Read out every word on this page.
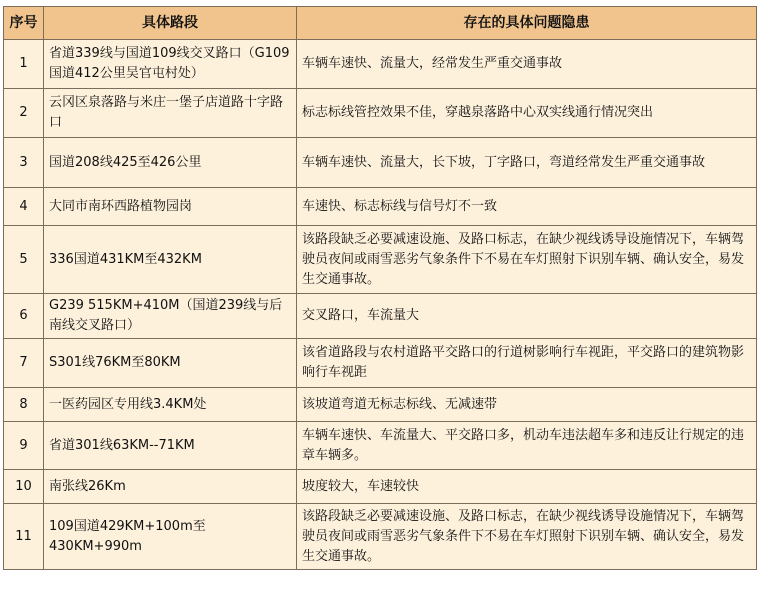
序号	具体路段	存在的具体问题隐患
1	省道339线与国道109线交叉路口（G109国道412公里吴官屯村处）	车辆车速快、流量大，经常发生严重交通事故
2	云冈区泉落路与米庄一堡子店道路十字路口	标志标线管控效果不佳，穿越泉落路中心双实线通行情况突出
3	国道208线425至426公里	车辆车速快、流量大，长下坡，丁字路口，弯道经常发生严重交通事故
4	大同市南环西路植物园岗	车速快、标志标线与信号灯不一致
5	336国道431KM至432KM	该路段缺乏必要减速设施、及路口标志，在缺少视线诱导设施情况下，车辆驾驶员夜间或雨雪恶劣气象条件下不易在车灯照射下识别车辆、确认安全，易发生交通事故。
6	G239 515KM+410M（国道239线与后南线交叉路口）	交叉路口，车流量大
7	S301线76KM至80KM	该省道路段与农村道路平交路口的行道树影响行车视距，平交路口的建筑物影响行车视距
8	一医药园区专用线3.4KM处	该坡道弯道无标志标线、无减速带
9	省道301线63KM--71KM	车辆车速快、车流量大、平交路口多，机动车违法超车多和违反让行规定的违章车辆多。
10	南张线26Km	坡度较大，车速较快
11	109国道429KM+100m至430KM+990m	该路段缺乏必要减速设施、及路口标志，在缺少视线诱导设施情况下，车辆驾驶员夜间或雨雪恶劣气象条件下不易在车灯照射下识别车辆、确认安全，易发生交通事故。
